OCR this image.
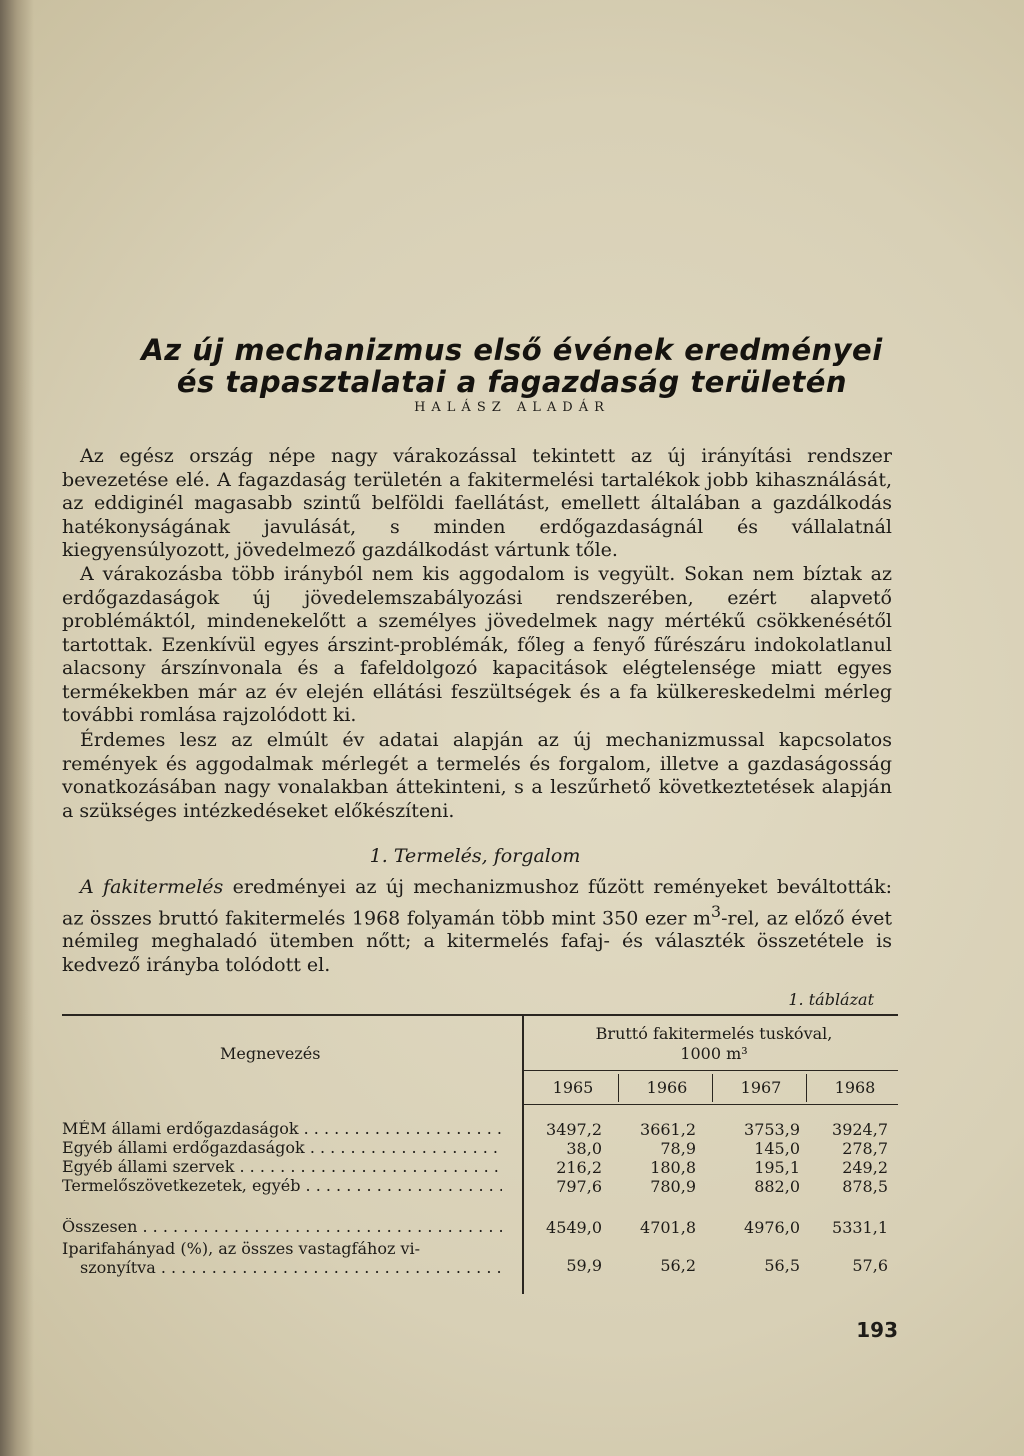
Az új mechanizmus első évének eredményei
és tapasztalatai a fagazdaság területén

HALÁSZ ALADÁR

Az egész ország népe nagy várakozással tekintett az új irányítási rendszer bevezetése elé. A fagazdaság területén a fakitermelési tartalékok jobb kihasználását, az eddiginél magasabb szintű belföldi faellátást, emellett általában a gazdálkodás hatékonyságának javulását, s minden erdőgazdaságnál és vállalatnál kiegyensúlyozott, jövedelmező gazdálkodást vártunk tőle.

A várakozásba több irányból nem kis aggodalom is vegyült. Sokan nem bíztak az erdőgazdaságok új jövedelemszabályozási rendszerében, ezért alapvető problémáktól, mindenekelőtt a személyes jövedelmek nagy mértékű csökkenésétől tartottak. Ezenkívül egyes árszint-problémák, főleg a fenyő fűrészáru indokolatlanul alacsony árszínvonala és a fafeldolgozó kapacitások elégtelensége miatt egyes termékekben már az év elején ellátási feszültségek és a fa külkereskedelmi mérleg további romlása rajzolódott ki.

Érdemes lesz az elmúlt év adatai alapján az új mechanizmussal kapcsolatos remények és aggodalmak mérlegét a termelés és forgalom, illetve a gazdaságosság vonatkozásában nagy vonalakban áttekinteni, s a leszűrhető következtetések alapján a szükséges intézkedéseket előkészíteni.

1. Termelés, forgalom

A fakitermelés eredményei az új mechanizmushoz fűzött reményeket beváltották: az összes bruttó fakitermelés 1968 folyamán több mint 350 ezer $m^3$-rel, az előző évet némileg meghaladó ütemben nőtt; a kitermelés fafaj- és választék összetétele is kedvező irányba tolódott el.

1. táblázat

Megnevezés
Bruttó fakitermelés tuskóval,
1000 m³
1965	1966	1967	1968
MÉM állami erdőgazdaságok . . .	3497,2	3661,2	3753,9	3924,7
Egyéb állami erdőgazdaságok . . .	38,0	78,9	145,0	278,7
Egyéb állami szervek . . .	216,2	180,8	195,1	249,2
Termelőszövetkezetek, egyéb . . .	797,6	780,9	882,0	878,5
Összesen . . .	4549,0	4701,8	4976,0	5331,1
Iparifahányad (%), az összes vastagfához vi-
szonyítva . . .	59,9	56,2	56,5	57,6

193
